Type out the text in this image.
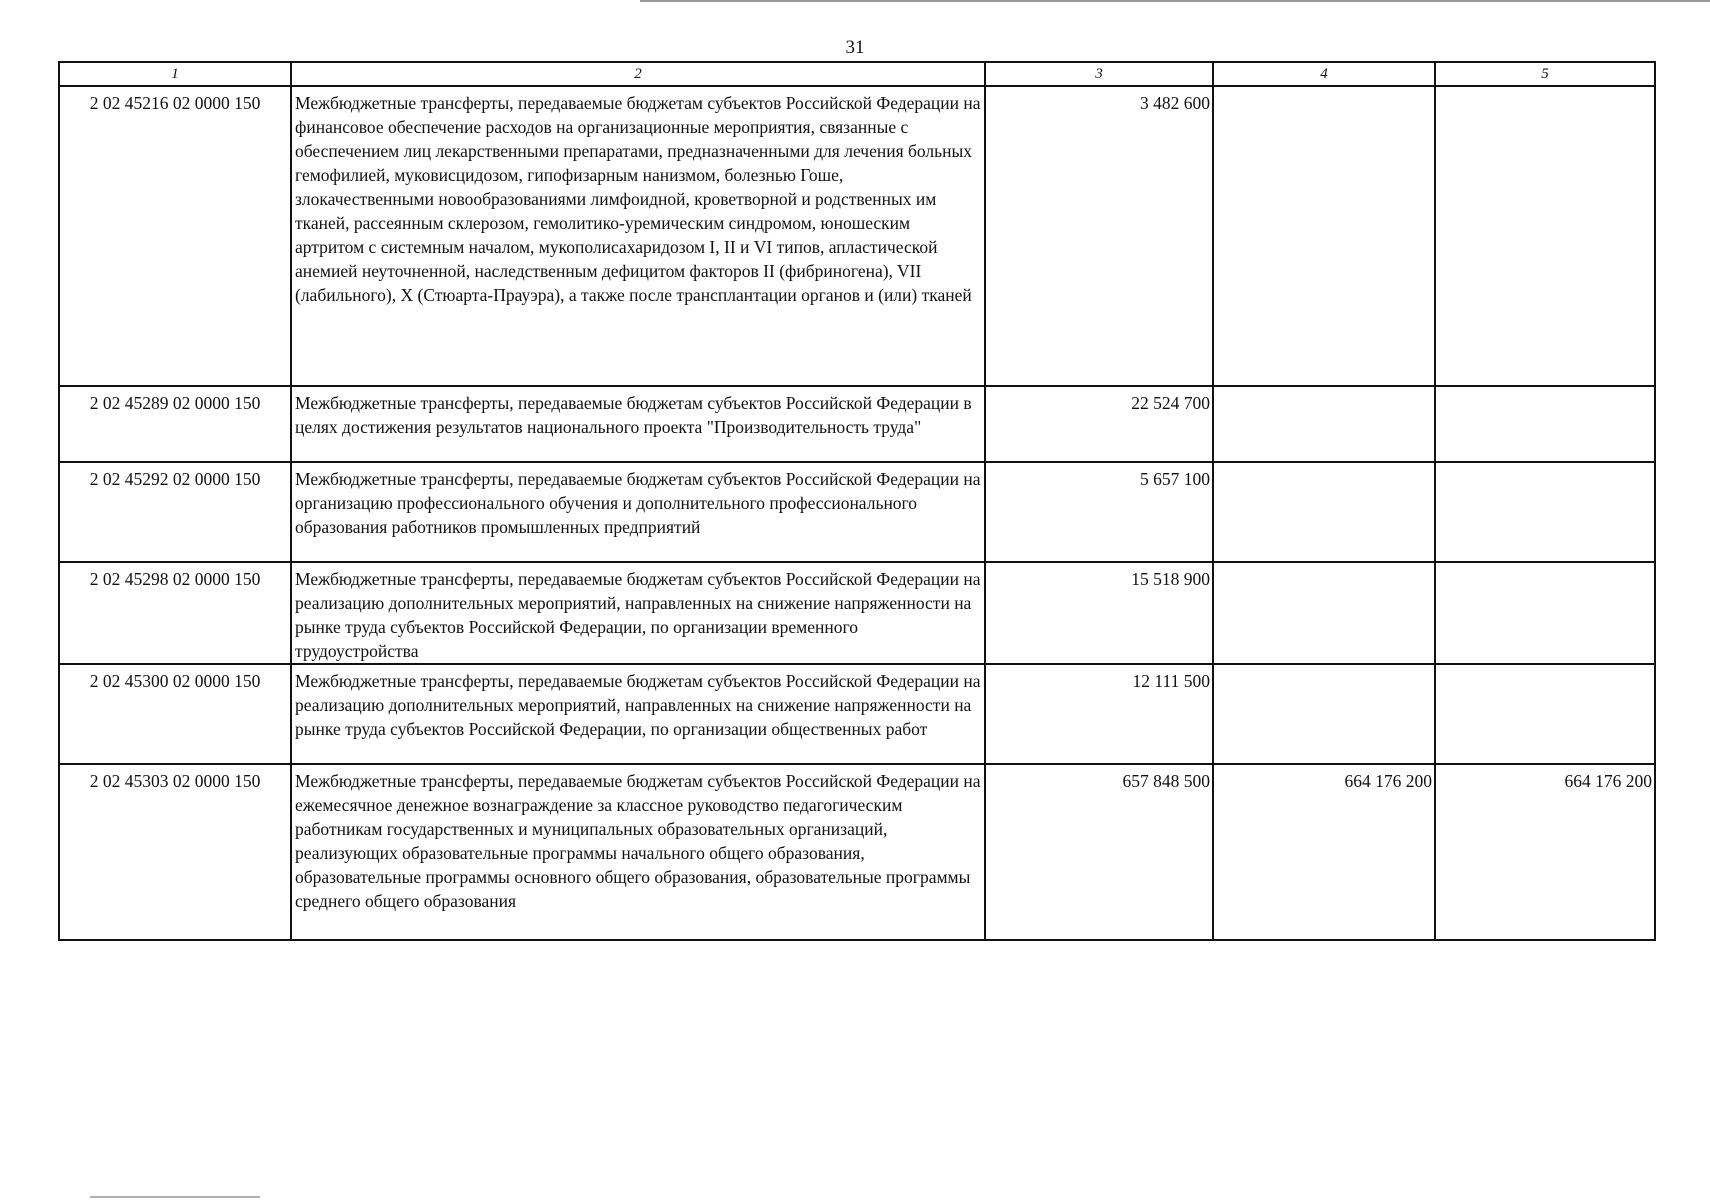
31
1	2	3	4	5
2 02 45216 02 0000 150	Межбюджетные трансферты, передаваемые бюджетам субъектов Российской Федерации на финансовое обеспечение расходов на организационные мероприятия, связанные с обеспечением лиц лекарственными препаратами, предназначенными для лечения больных гемофилией, муковисцидозом, гипофизарным нанизмом, болезнью Гоше, злокачественными новообразованиями лимфоидной, кроветворной и родственных им тканей, рассеянным склерозом, гемолитико-уремическим синдромом, юношеским артритом с системным началом, мукополисахаридозом I, II и VI типов, апластической анемией неуточненной, наследственным дефицитом факторов II (фибриногена), VII (лабильного), X (Стюарта-Прауэра), а также после трансплантации органов и (или) тканей	3 482 600		
2 02 45289 02 0000 150	Межбюджетные трансферты, передаваемые бюджетам субъектов Российской Федерации в целях достижения результатов национального проекта "Производительность труда"	22 524 700		
2 02 45292 02 0000 150	Межбюджетные трансферты, передаваемые бюджетам субъектов Российской Федерации на организацию профессионального обучения и дополнительного профессионального образования работников промышленных предприятий	5 657 100		
2 02 45298 02 0000 150	Межбюджетные трансферты, передаваемые бюджетам субъектов Российской Федерации на реализацию дополнительных мероприятий, направленных на снижение напряженности на рынке труда субъектов Российской Федерации, по организации временного трудоустройства	15 518 900		
2 02 45300 02 0000 150	Межбюджетные трансферты, передаваемые бюджетам субъектов Российской Федерации на реализацию дополнительных мероприятий, направленных на снижение напряженности на рынке труда субъектов Российской Федерации, по организации общественных работ	12 111 500		
2 02 45303 02 0000 150	Межбюджетные трансферты, передаваемые бюджетам субъектов Российской Федерации на ежемесячное денежное вознаграждение за классное руководство педагогическим работникам государственных и муниципальных образовательных организаций, реализующих образовательные программы начального общего образования, образовательные программы основного общего образования, образовательные программы среднего общего образования	657 848 500	664 176 200	664 176 200
